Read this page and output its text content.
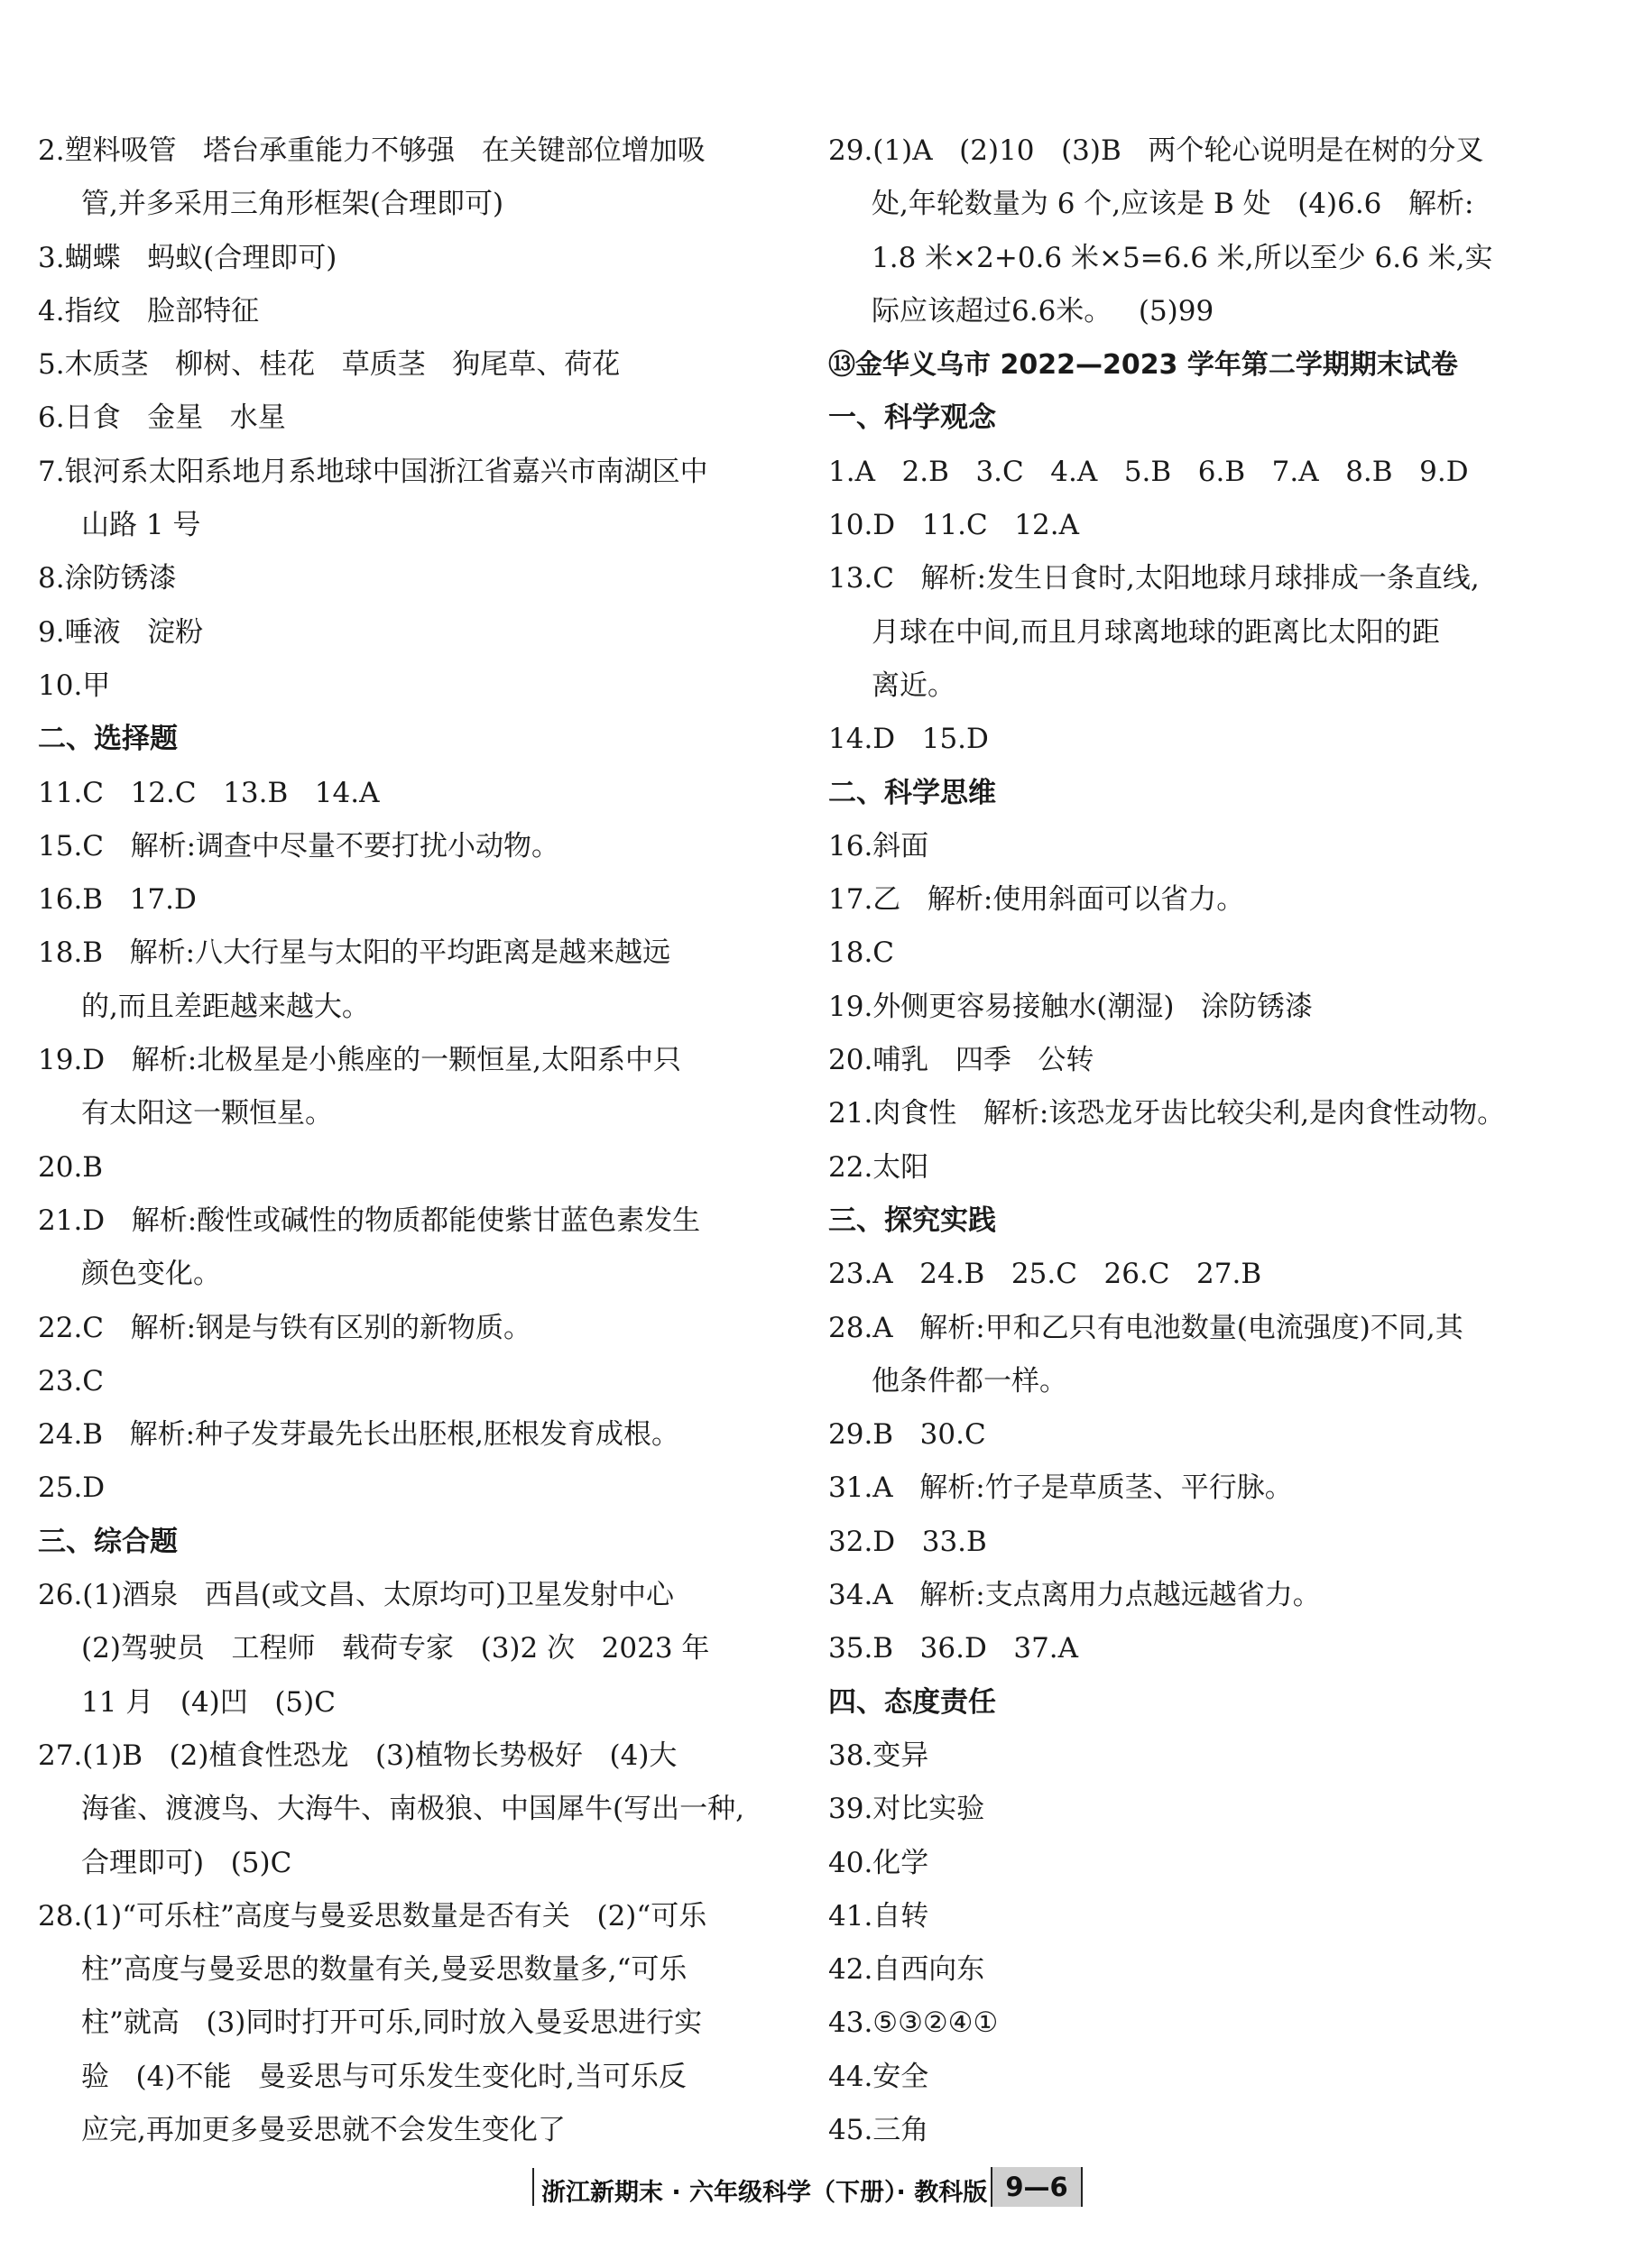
2.塑料吸管   塔台承重能力不够强   在关键部位增加吸
管,并多采用三角形框架(合理即可)
3.蝴蝶   蚂蚁(合理即可)
4.指纹   脸部特征
5.木质茎   柳树、桂花   草质茎   狗尾草、荷花
6.日食   金星   水星
7.银河系太阳系地月系地球中国浙江省嘉兴市南湖区中
山路 1 号
8.涂防锈漆
9.唾液   淀粉
10.甲
二、选择题
11.C   12.C   13.B   14.A
15.C   解析:调查中尽量不要打扰小动物。
16.B   17.D
18.B   解析:八大行星与太阳的平均距离是越来越远
的,而且差距越来越大。
19.D   解析:北极星是小熊座的一颗恒星,太阳系中只
有太阳这一颗恒星。
20.B
21.D   解析:酸性或碱性的物质都能使紫甘蓝色素发生
颜色变化。
22.C   解析:钢是与铁有区别的新物质。
23.C
24.B   解析:种子发芽最先长出胚根,胚根发育成根。
25.D
三、综合题
26.(1)酒泉   西昌(或文昌、太原均可)卫星发射中心
(2)驾驶员   工程师   载荷专家   (3)2 次   2023 年
11 月   (4)凹   (5)C
27.(1)B   (2)植食性恐龙   (3)植物长势极好   (4)大
海雀、渡渡鸟、大海牛、南极狼、中国犀牛(写出一种,
合理即可)   (5)C
28.(1)“可乐柱”高度与曼妥思数量是否有关   (2)“可乐
柱”高度与曼妥思的数量有关,曼妥思数量多,“可乐
柱”就高   (3)同时打开可乐,同时放入曼妥思进行实
验   (4)不能   曼妥思与可乐发生变化时,当可乐反
应完,再加更多曼妥思就不会发生变化了
29.(1)A   (2)10   (3)B   两个轮心说明是在树的分叉
处,年轮数量为 6 个,应该是 B 处   (4)6.6   解析:
1.8 米×2+0.6 米×5=6.6 米,所以至少 6.6 米,实
际应该超过6.6米。   (5)99
⑬金华义乌市 2022—2023 学年第二学期期末试卷
一、科学观念
1.A   2.B   3.C   4.A   5.B   6.B   7.A   8.B   9.D
10.D   11.C   12.A
13.C   解析:发生日食时,太阳地球月球排成一条直线,
月球在中间,而且月球离地球的距离比太阳的距
离近。
14.D   15.D
二、科学思维
16.斜面
17.乙   解析:使用斜面可以省力。
18.C
19.外侧更容易接触水(潮湿)   涂防锈漆
20.哺乳   四季   公转
21.肉食性   解析:该恐龙牙齿比较尖利,是肉食性动物。
22.太阳
三、探究实践
23.A   24.B   25.C   26.C   27.B
28.A   解析:甲和乙只有电池数量(电流强度)不同,其
他条件都一样。
29.B   30.C
31.A   解析:竹子是草质茎、平行脉。
32.D   33.B
34.A   解析:支点离用力点越远越省力。
35.B   36.D   37.A
四、态度责任
38.变异
39.对比实验
40.化学
41.自转
42.自西向东
43.⑤③②④①
44.安全
45.三角
浙江新期末 · 六年级科学（下册）· 教科版 9—6
